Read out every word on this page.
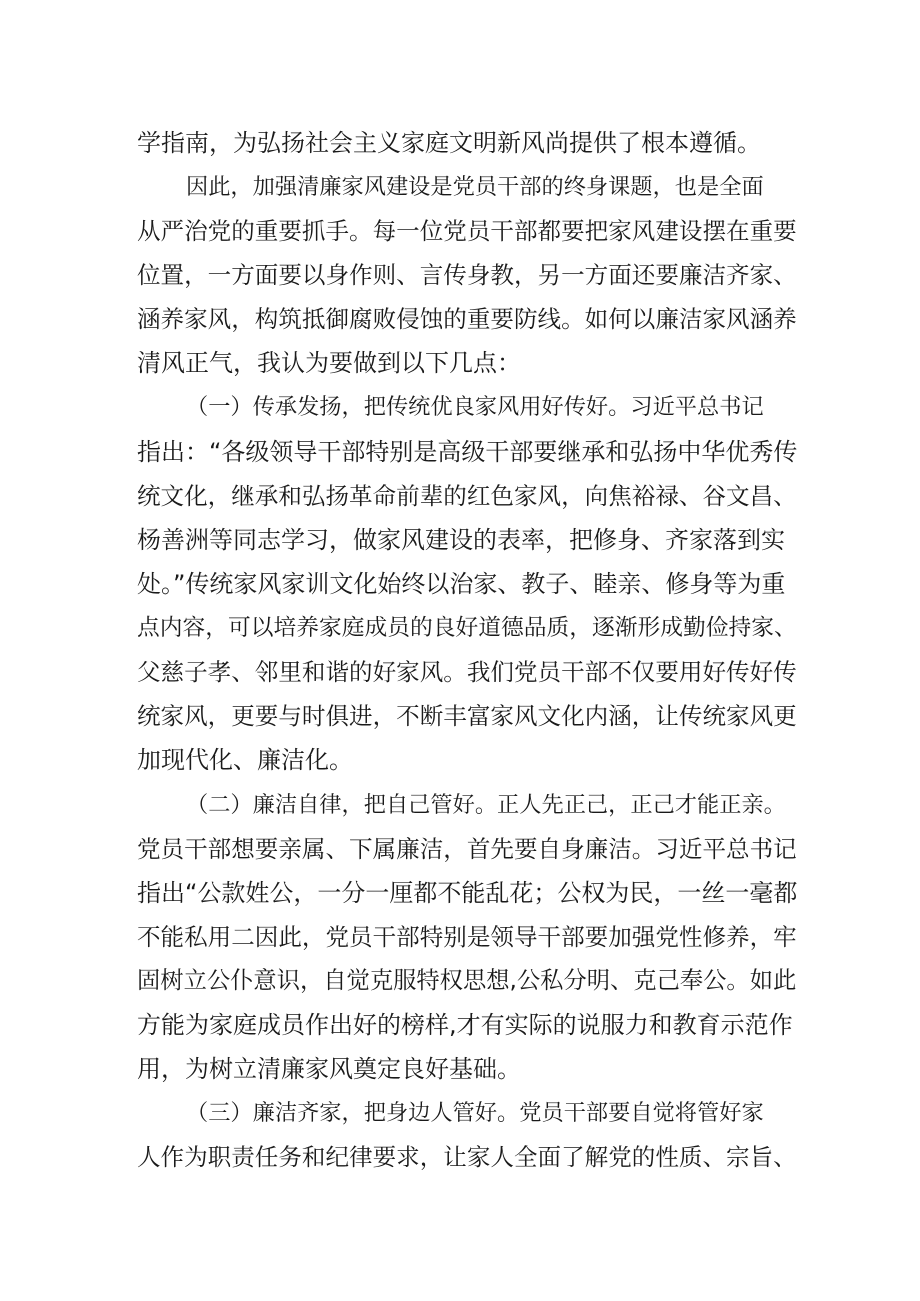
学指南，为弘扬社会主义家庭文明新风尚提供了根本遵循。
因此，加强清廉家风建设是党员干部的终身课题，也是全面
从严治党的重要抓手。每一位党员干部都要把家风建设摆在重要
位置，一方面要以身作则、言传身教，另一方面还要廉洁齐家、
涵养家风，构筑抵御腐败侵蚀的重要防线。如何以廉洁家风涵养
清风正气，我认为要做到以下几点：
（一）传承发扬，把传统优良家风用好传好。习近平总书记
指出：“各级领导干部特别是高级干部要继承和弘扬中华优秀传
统文化，继承和弘扬革命前辈的红色家风，向焦裕禄、谷文昌、
杨善洲等同志学习，做家风建设的表率，把修身、齐家落到实
处。”传统家风家训文化始终以治家、教子、睦亲、修身等为重
点内容，可以培养家庭成员的良好道德品质，逐渐形成勤俭持家、
父慈子孝、邻里和谐的好家风。我们党员干部不仅要用好传好传
统家风，更要与时俱进，不断丰富家风文化内涵，让传统家风更
加现代化、廉洁化。
（二）廉洁自律，把自己管好。正人先正己，正己才能正亲。
党员干部想要亲属、下属廉洁，首先要自身廉洁。习近平总书记
指出“公款姓公，一分一厘都不能乱花；公权为民，一丝一毫都
不能私用二因此，党员干部特别是领导干部要加强党性修养，牢
固树立公仆意识，自觉克服特权思想,公私分明、克己奉公。如此
方能为家庭成员作出好的榜样,才有实际的说服力和教育示范作
用，为树立清廉家风奠定良好基础。
（三）廉洁齐家，把身边人管好。党员干部要自觉将管好家
人作为职责任务和纪律要求，让家人全面了解党的性质、宗旨、
